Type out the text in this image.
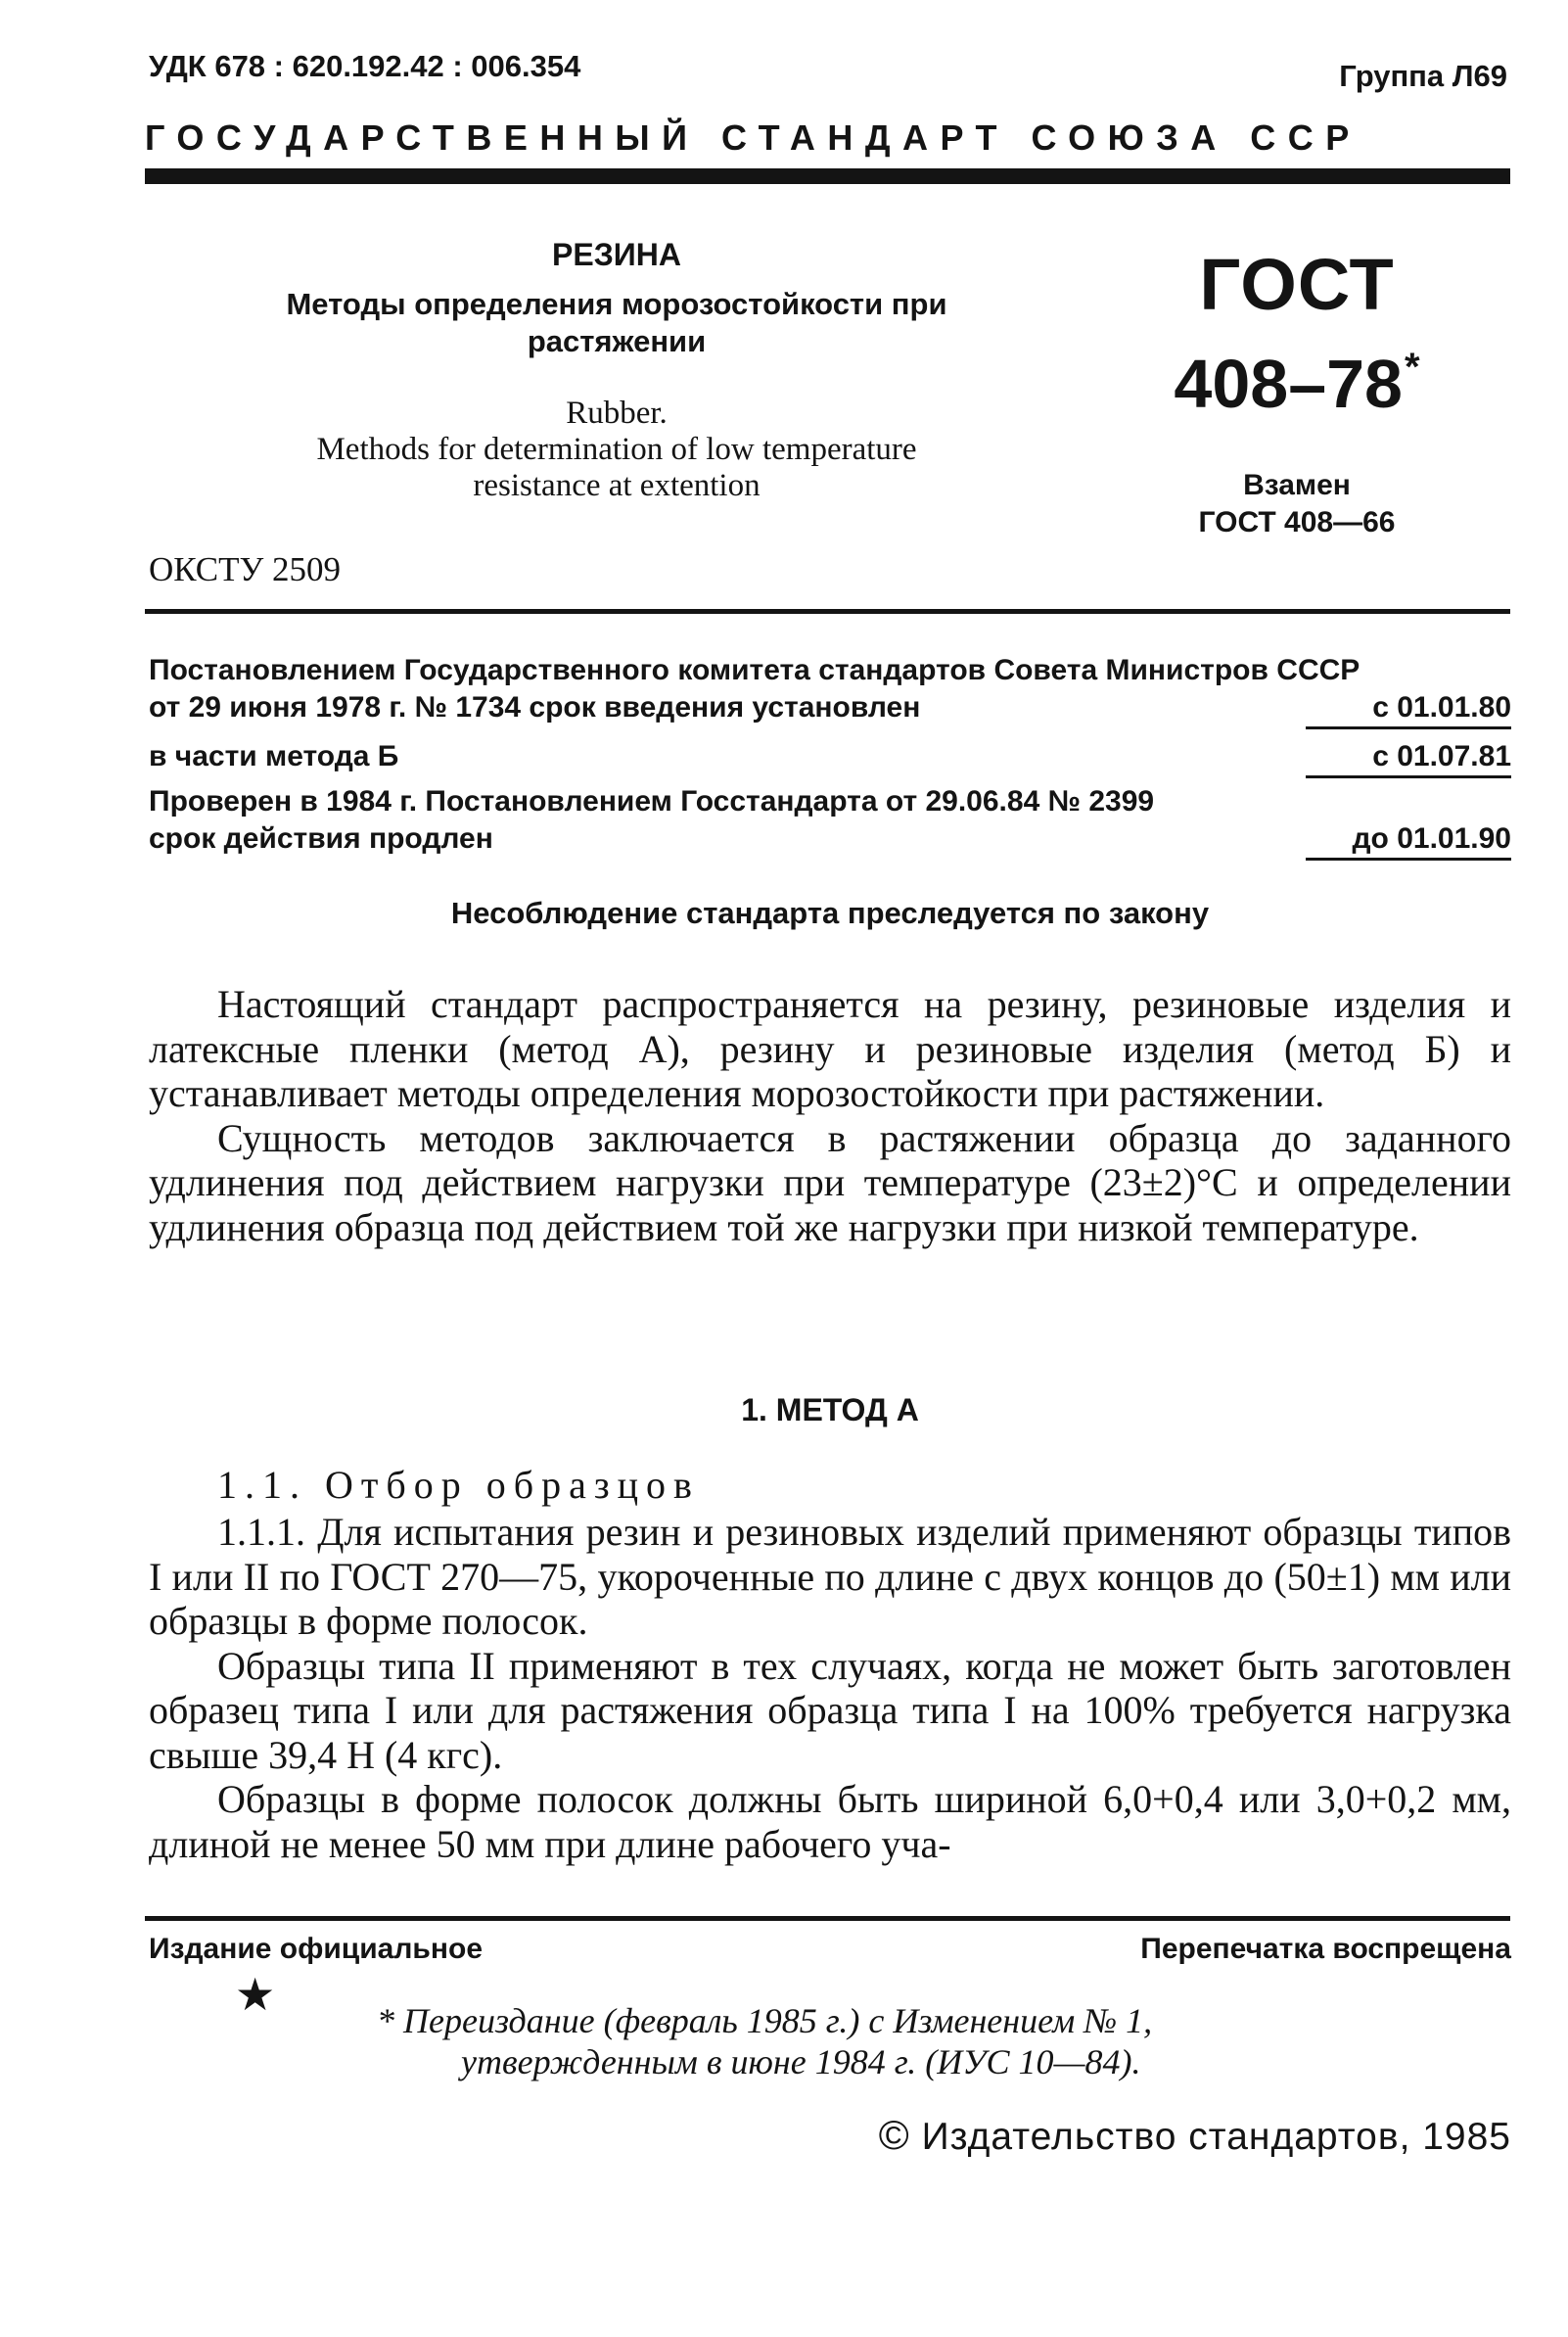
УДК 678 : 620.192.42 : 006.354	Группа Л69
ГОСУДАРСТВЕННЫЙ СТАНДАРТ СОЮЗА ССР
РЕЗИНА
Методы определения морозостойкости при
растяжении
Rubber.
Methods for determination of low temperature
resistance at extention
ГОСТ
408–78*
Взамен
ГОСТ 408—66
ОКСТУ 2509
Постановлением Государственного комитета стандартов Совета Министров СССР
от 29 июня 1978 г. № 1734 срок введения установлен	с 01.01.80
в части метода Б	с 01.07.81
Проверен в 1984 г. Постановлением Госстандарта от 29.06.84 № 2399
срок действия продлен	до 01.01.90
Несоблюдение стандарта преследуется по закону

Настоящий стандарт распространяется на резину, резиновые изделия и латексные пленки (метод А), резину и резиновые изделия (метод Б) и устанавливает методы определения морозостойкости при растяжении.

Сущность методов заключается в растяжении образца до заданного удлинения под действием нагрузки при температуре (23±2)°С и определении удлинения образца под действием той же нагрузки при низкой температуре.

1. МЕТОД А
1.1. Отбор образцов

1.1.1. Для испытания резин и резиновых изделий применяют образцы типов I или II по ГОСТ 270—75, укороченные по длине с двух концов до (50±1) мм или образцы в форме полосок.

Образцы типа II применяют в тех случаях, когда не может быть заготовлен образец типа I или для растяжения образца типа I на 100% требуется нагрузка свыше 39,4 Н (4 кгс).

Образцы в форме полосок должны быть шириной 6,0+0,4 или 3,0+0,2 мм, длиной не менее 50 мм при длине рабочего уча-

Издание официальное	Перепечатка воспрещена
★
* Переиздание (февраль 1985 г.) с Изменением № 1,
утвержденным в июне 1984 г. (ИУС 10—84).
© Издательство стандартов, 1985
